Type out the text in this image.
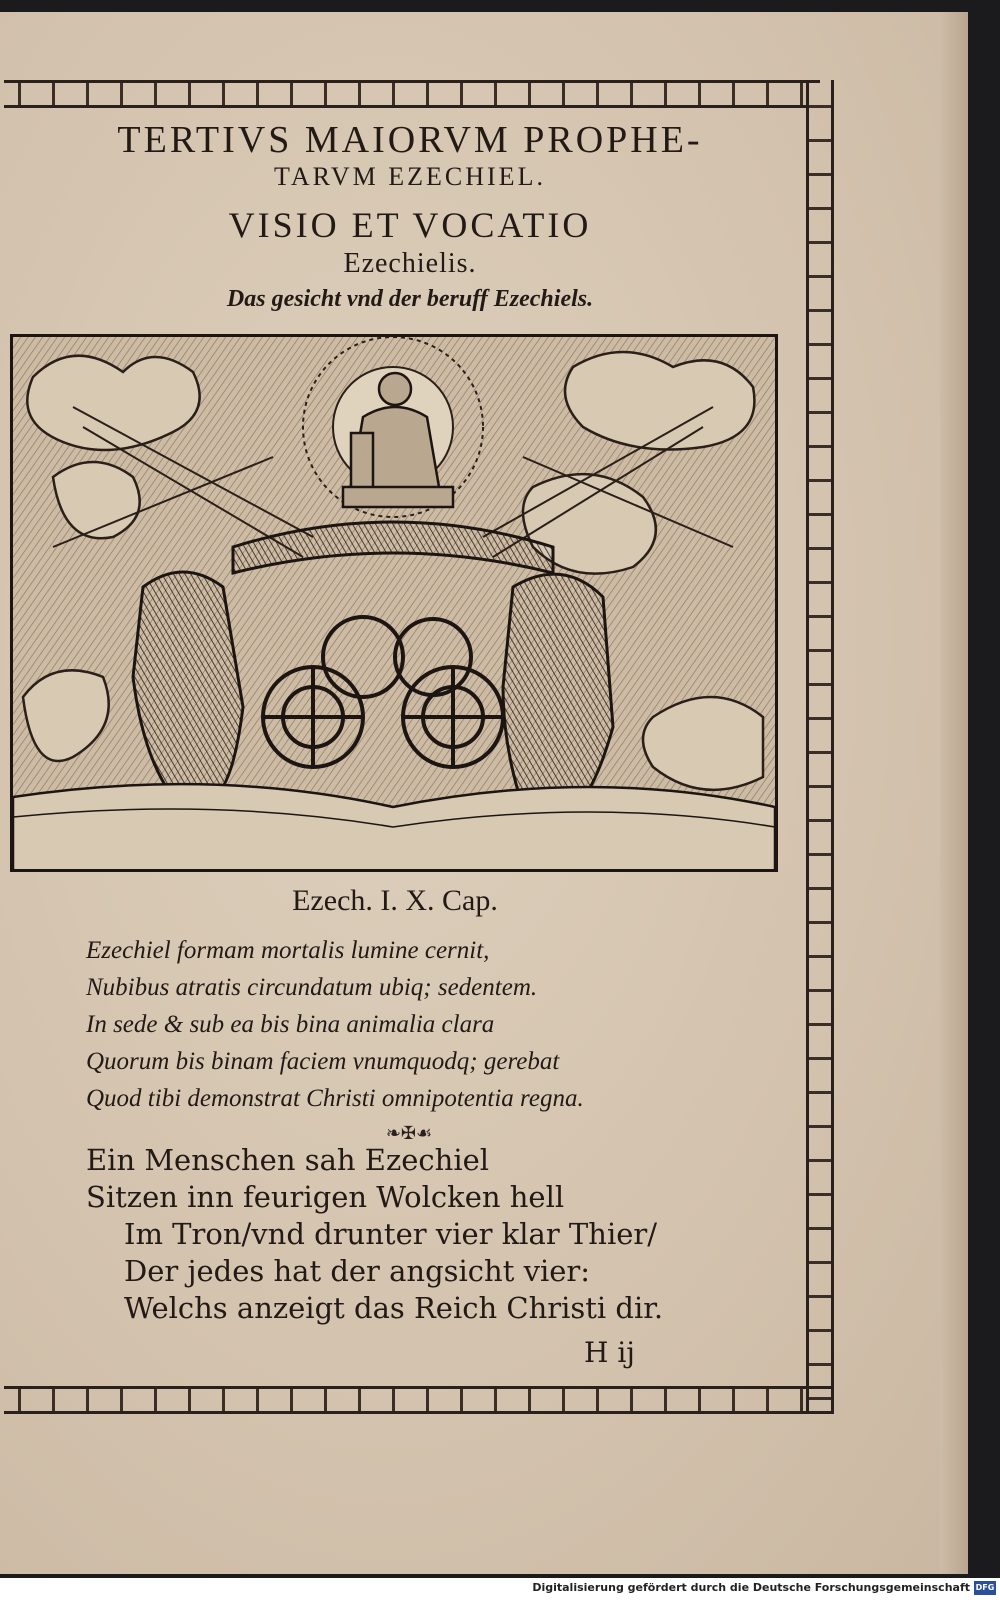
TERTIVS MAIORVM PROPHE-
TARVM EZECHIEL.
VISIO ET VOCATIO
Ezechielis.
Das gesicht vnd der beruff Ezechiels.
Ezech. I. X. Cap.
Ezechiel formam mortalis lumine cernit,
Nubibus atratis circundatum ubiq; sedentem.
In sede & sub ea bis bina animalia clara
Quorum bis binam faciem vnumquodq; gerebat
Quod tibi demonstrat Christi omnipotentia regna.
❧✠☙
Ein Menschen sah Ezechiel
Sitzen inn feurigen Wolcken hell
Im Tron/vnd drunter vier klar Thier/
Der jedes hat der angsicht vier:
Welchs anzeigt das Reich Christi dir.
H ij
Digitalisierung gefördert durch die Deutsche Forschungsgemeinschaft DFG
